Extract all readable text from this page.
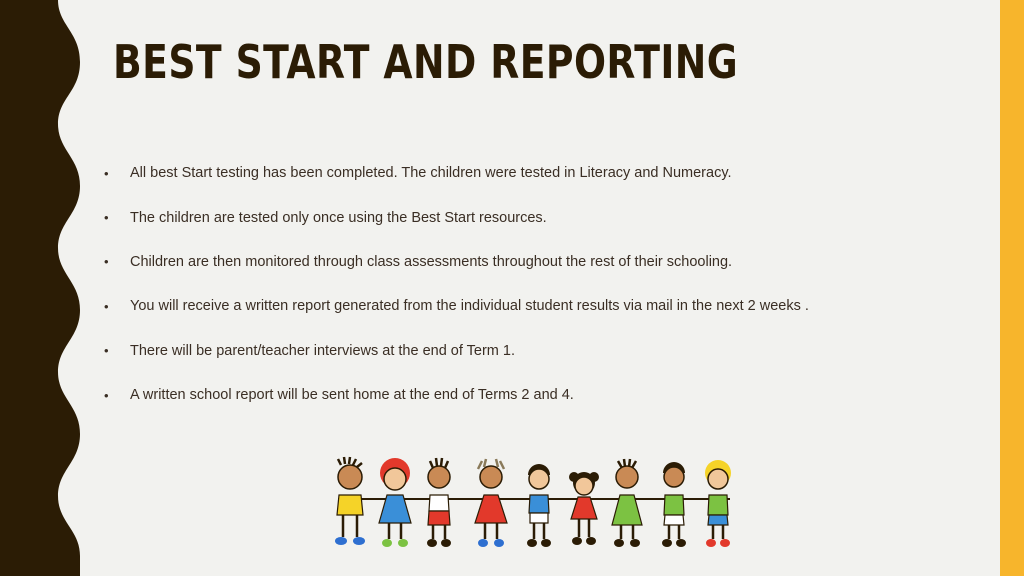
BEST START AND REPORTING
•	All best Start testing has been completed. The children were tested in Literacy and Numeracy.
•	The children are tested only once using the Best Start resources.
•	Children are then monitored through class assessments throughout the rest of their schooling.
•	You will receive a written report generated from the individual student results via mail in the next 2 weeks .
•	There will be parent/teacher interviews at the end of Term 1.
•	A written school report will be sent home at the end of Terms 2 and 4.
